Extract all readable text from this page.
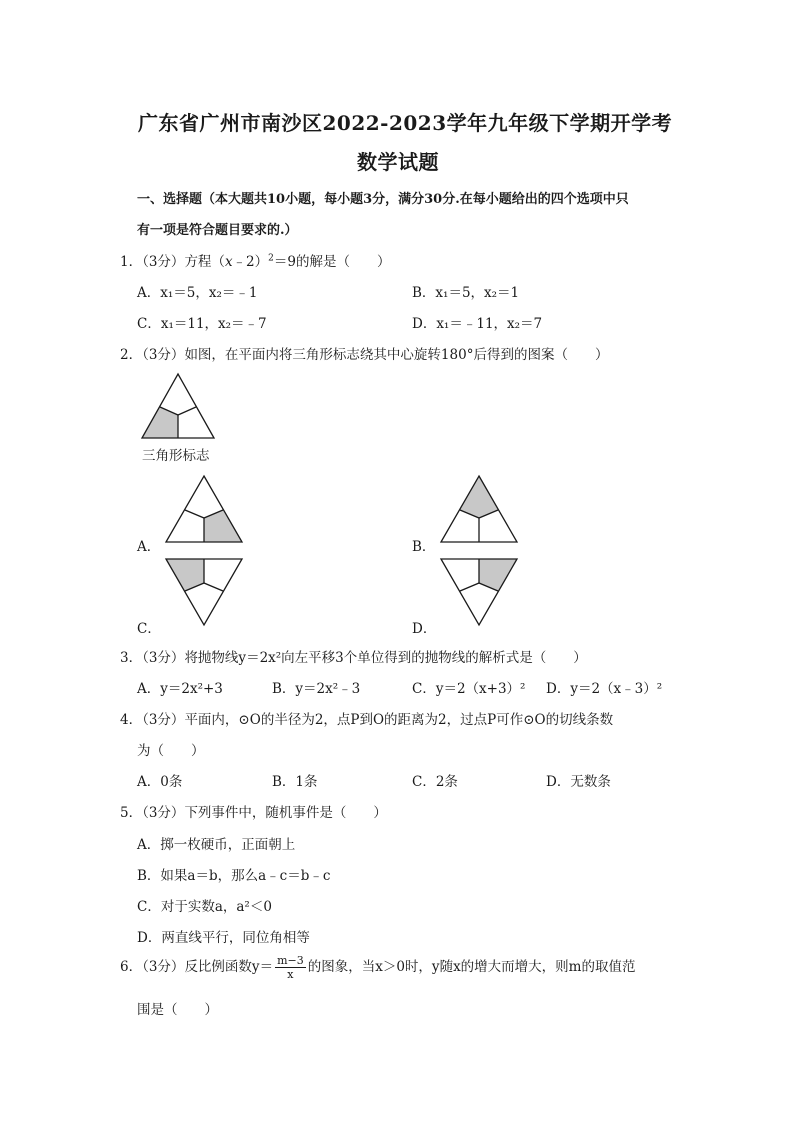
广东省广州市南沙区2022-2023学年九年级下学期开学考
数学试题
一、选择题（本大题共10小题，每小题3分，满分30分.在每小题给出的四个选项中只
有一项是符合题目要求的.）
1．（3分）方程（x﹣2）$^2$＝9的解是（　　）
A．x₁＝5，x₂＝﹣1	B．x₁＝5，x₂＝1
C．x₁＝11，x₂＝﹣7	D．x₁＝﹣11，x₂＝7
2．（3分）如图，在平面内将三角形标志绕其中心旋转180°后得到的图案（　　）
三角形标志
A．	B．
C．	D．
3．（3分）将抛物线y＝2x²向左平移3个单位得到的抛物线的解析式是（　　）
A．y＝2x²+3	B．y＝2x²﹣3	C．y＝2（x+3）² D．y＝2（x﹣3）²
4．（3分）平面内，⊙O的半径为2，点P到O的距离为2，过点P可作⊙O的切线条数
为（　　）
A．0条	B．1条	C．2条	D．无数条
5．（3分）下列事件中，随机事件是（　　）
A．掷一枚硬币，正面朝上
B．如果a＝b，那么a﹣c＝b﹣c
C．对于实数a，a²＜0
D．两直线平行，同位角相等
6．（3分）反比例函数$y= \frac{m-3}{x}$ 的图象，当x＞0时，y随x的增大而增大，则m的取值范
围是（　　）
